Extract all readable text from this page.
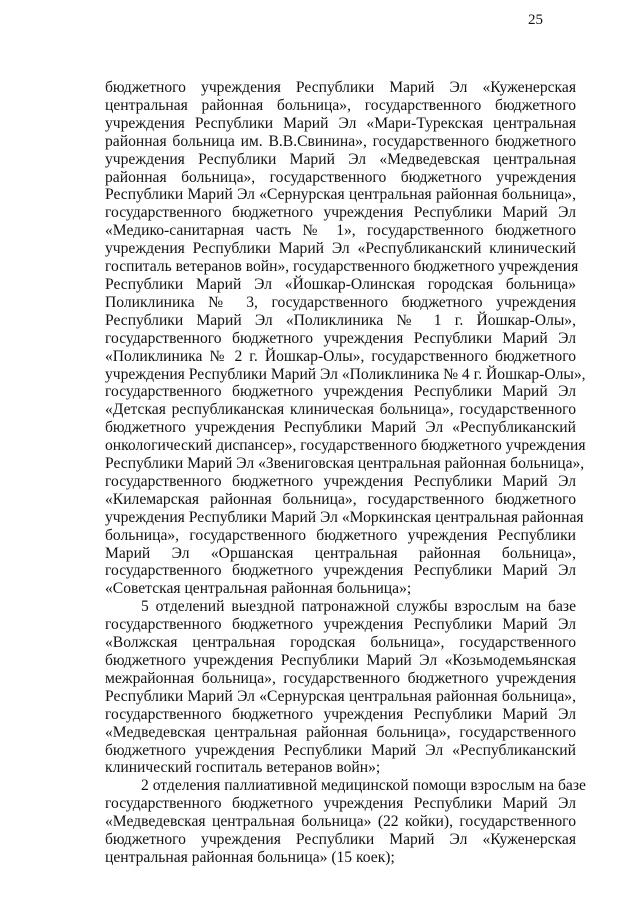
25
бюджетного учреждения Республики Марий Эл «Куженерская
центральная районная больница», государственного бюджетного
учреждения Республики Марий Эл «Мари-Турекская центральная
районная больница им. В.В.Свинина», государственного бюджетного
учреждения Республики Марий Эл «Медведевская центральная
районная больница», государственного бюджетного учреждения
Республики Марий Эл «Сернурская центральная районная больница»,
государственного бюджетного учреждения Республики Марий Эл
«Медико-санитарная часть № 1», государственного бюджетного
учреждения Республики Марий Эл «Республиканский клинический
госпиталь ветеранов войн», государственного бюджетного учреждения
Республики Марий Эл «Йошкар-Олинская городская больница»
Поликлиника № 3, государственного бюджетного учреждения
Республики Марий Эл «Поликлиника № 1 г. Йошкар-Олы»,
государственного бюджетного учреждения Республики Марий Эл
«Поликлиника № 2 г. Йошкар-Олы», государственного бюджетного
учреждения Республики Марий Эл «Поликлиника № 4 г. Йошкар-Олы»,
государственного бюджетного учреждения Республики Марий Эл
«Детская республиканская клиническая больница», государственного
бюджетного учреждения Республики Марий Эл «Республиканский
онкологический диспансер», государственного бюджетного учреждения
Республики Марий Эл «Звениговская центральная районная больница»,
государственного бюджетного учреждения Республики Марий Эл
«Килемарская районная больница», государственного бюджетного
учреждения Республики Марий Эл «Моркинская центральная районная
больница», государственного бюджетного учреждения Республики
Марий Эл «Оршанская центральная районная больница»,
государственного бюджетного учреждения Республики Марий Эл
«Советская центральная районная больница»;
5 отделений выездной патронажной службы взрослым на базе
государственного бюджетного учреждения Республики Марий Эл
«Волжская центральная городская больница», государственного
бюджетного учреждения Республики Марий Эл «Козьмодемьянская
межрайонная больница», государственного бюджетного учреждения
Республики Марий Эл «Сернурская центральная районная больница»,
государственного бюджетного учреждения Республики Марий Эл
«Медведевская центральная районная больница», государственного
бюджетного учреждения Республики Марий Эл «Республиканский
клинический госпиталь ветеранов войн»;
2 отделения паллиативной медицинской помощи взрослым на базе
государственного бюджетного учреждения Республики Марий Эл
«Медведевская центральная больница» (22 койки), государственного
бюджетного учреждения Республики Марий Эл «Куженерская
центральная районная больница» (15 коек);
